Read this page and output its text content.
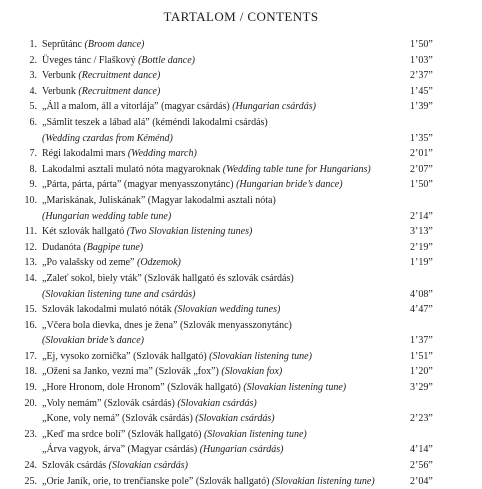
TARTALOM / CONTENTS
1. Seprűtánc (Broom dance)	1’50”
2. Üveges tánc / Flaškový (Bottle dance)	1’03”
3. Verbunk (Recruitment dance)	2’37”
4. Verbunk (Recruitment dance)	1’45”
5. „Áll a malom, áll a vitorlája” (magyar csárdás) (Hungarian csárdás)	1’39”
6. „Sámlit teszek a lábad alá” (kéméndi lakodalmi csárdás)
(Wedding czardas from Kéménd)	1’35”
7. Régi lakodalmi mars (Wedding march)	2’01”
8. Lakodalmi asztali mulató nóta magyaroknak (Wedding table tune for Hungarians)	2’07”
9. „Párta, párta, párta” (magyar menyasszonytánc) (Hungarian bride’s dance)	1’50”
10. „Mariskának, Juliskának” (Magyar lakodalmi asztali nóta)
(Hungarian wedding table tune)	2’14”
11. Két szlovák hallgató (Two Slovakian listening tunes)	3’13”
12. Dudanóta (Bagpipe tune)	2’19”
13. „Po valašsky od zeme” (Odzemok)	1’19”
14. „Zaleť sokol, biely vták” (Szlovák hallgató és szlovák csárdás)
(Slovakian listening tune and csárdás)	4’08”
15. Szlovák lakodalmi mulató nóták (Slovakian wedding tunes)	4’47”
16. „Včera bola dievka, dnes je žena” (Szlovák menyasszonytánc)
(Slovakian bride’s dance)	1’37”
17. „Ej, vysoko zornička” (Szlovák hallgató) (Slovakian listening tune)	1’51”
18. „Oženi sa Janko, vezni ma” (Szlovák „fox”) (Slovakian fox)	1’20”
19. „Hore Hronom, dole Hronom” (Szlovák hallgató) (Slovakian listening tune)	3’29”
20. „Voly nemám” (Szlovák csárdás) (Slovakian csárdás)
„Kone, voly nemá” (Szlovák csárdás) (Slovakian csárdás)	2’23”
23. „Keď ma srdce bolí” (Szlovák hallgató) (Slovakian listening tune)
„Árva vagyok, árva” (Magyar csárdás) (Hungarian csárdás)	4’14”
24. Szlovák csárdás (Slovakian csárdás)	2’56”
25. „Orie Janík, orie, to trenčianske pole” (Szlovák hallgató) (Slovakian listening tune)	2’04”
